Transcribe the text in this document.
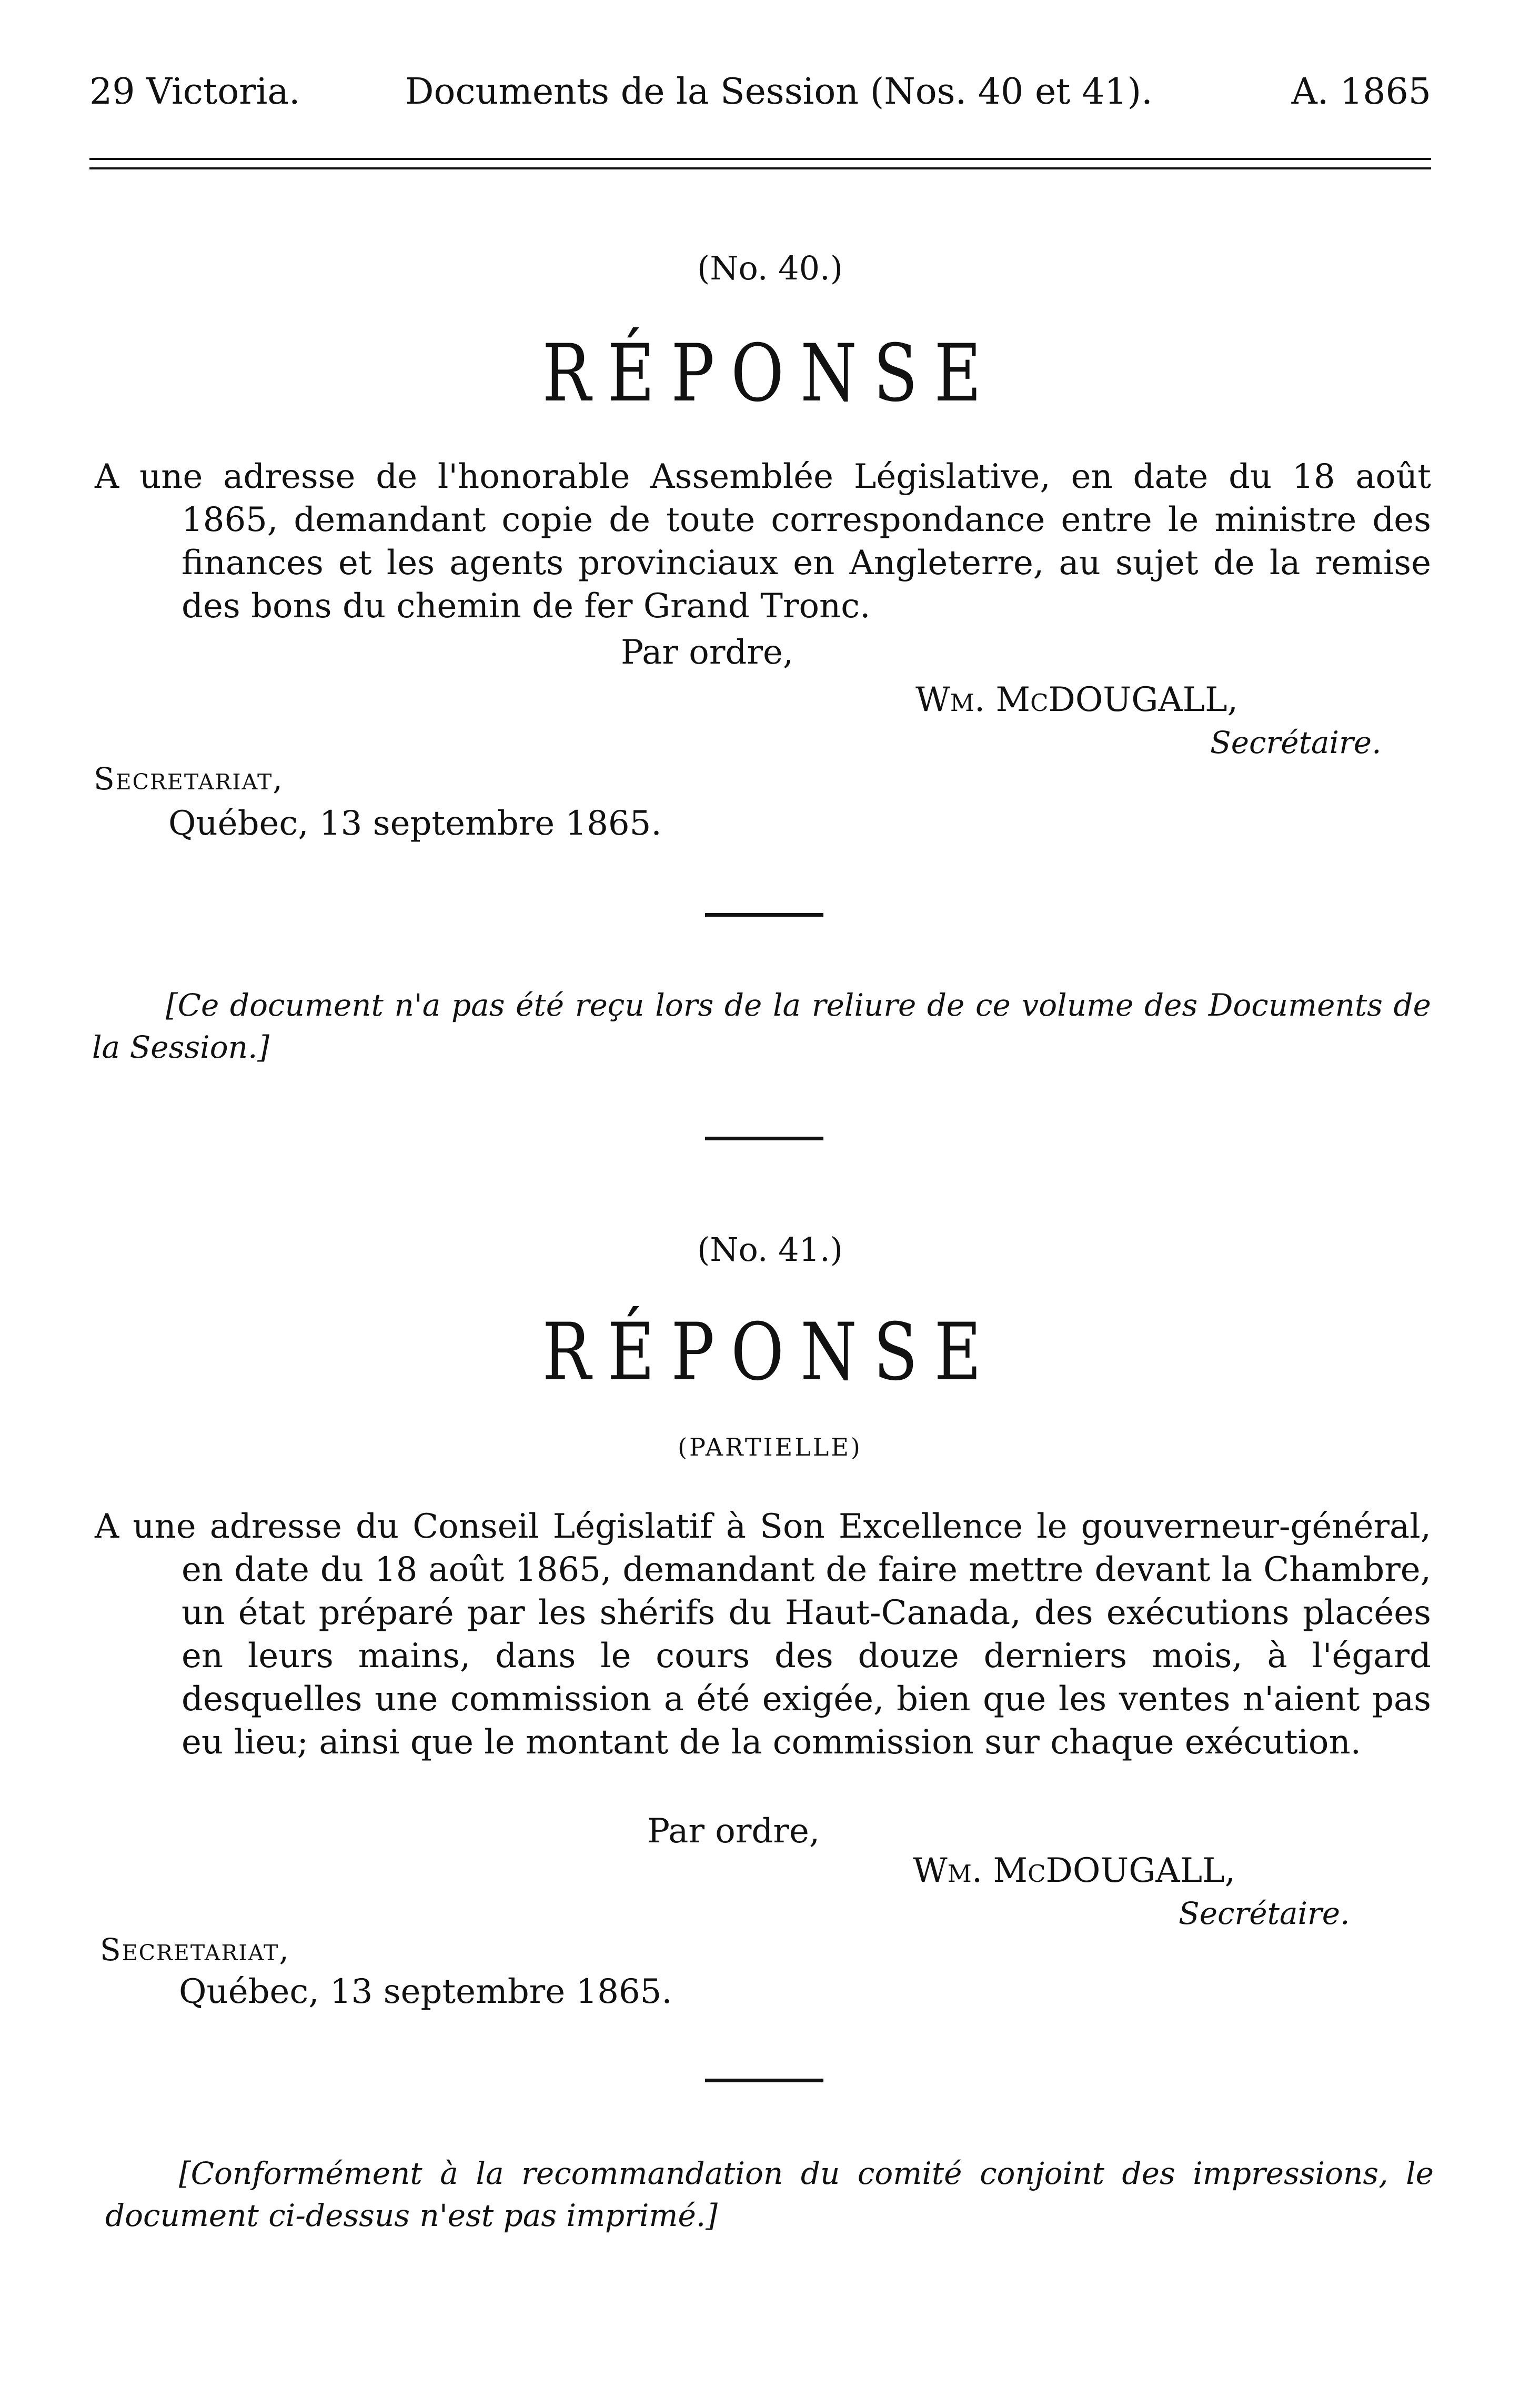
29 Victoria.	Documents de la Session (Nos. 40 et 41).	A. 1865
(No. 40.)
RÉPONSE
A une adresse de l'honorable Assemblée Législative, en date du 18 août 1865, demandant copie de toute correspondance entre le ministre des finances et les agents provinciaux en Angleterre, au sujet de la remise des bons du chemin de fer Grand Tronc.
Par ordre,
Wm. McDOUGALL,
Secrétaire.
Secretariat,
Québec, 13 septembre 1865.
[Ce document n'a pas été reçu lors de la reliure de ce volume des Documents de la Session.]
(No. 41.)
RÉPONSE
(PARTIELLE)
A une adresse du Conseil Législatif à Son Excellence le gouverneur-général, en date du 18 août 1865, demandant de faire mettre devant la Chambre, un état préparé par les shérifs du Haut-Canada, des exécutions placées en leurs mains, dans le cours des douze derniers mois, à l'égard desquelles une commission a été exigée, bien que les ventes n'aient pas eu lieu; ainsi que le montant de la commission sur chaque exécution.
Par ordre,
Wm. McDOUGALL,
Secrétaire.
Secretariat,
Québec, 13 septembre 1865.
[Conformément à la recommandation du comité conjoint des impressions, le document ci-dessus n'est pas imprimé.]
